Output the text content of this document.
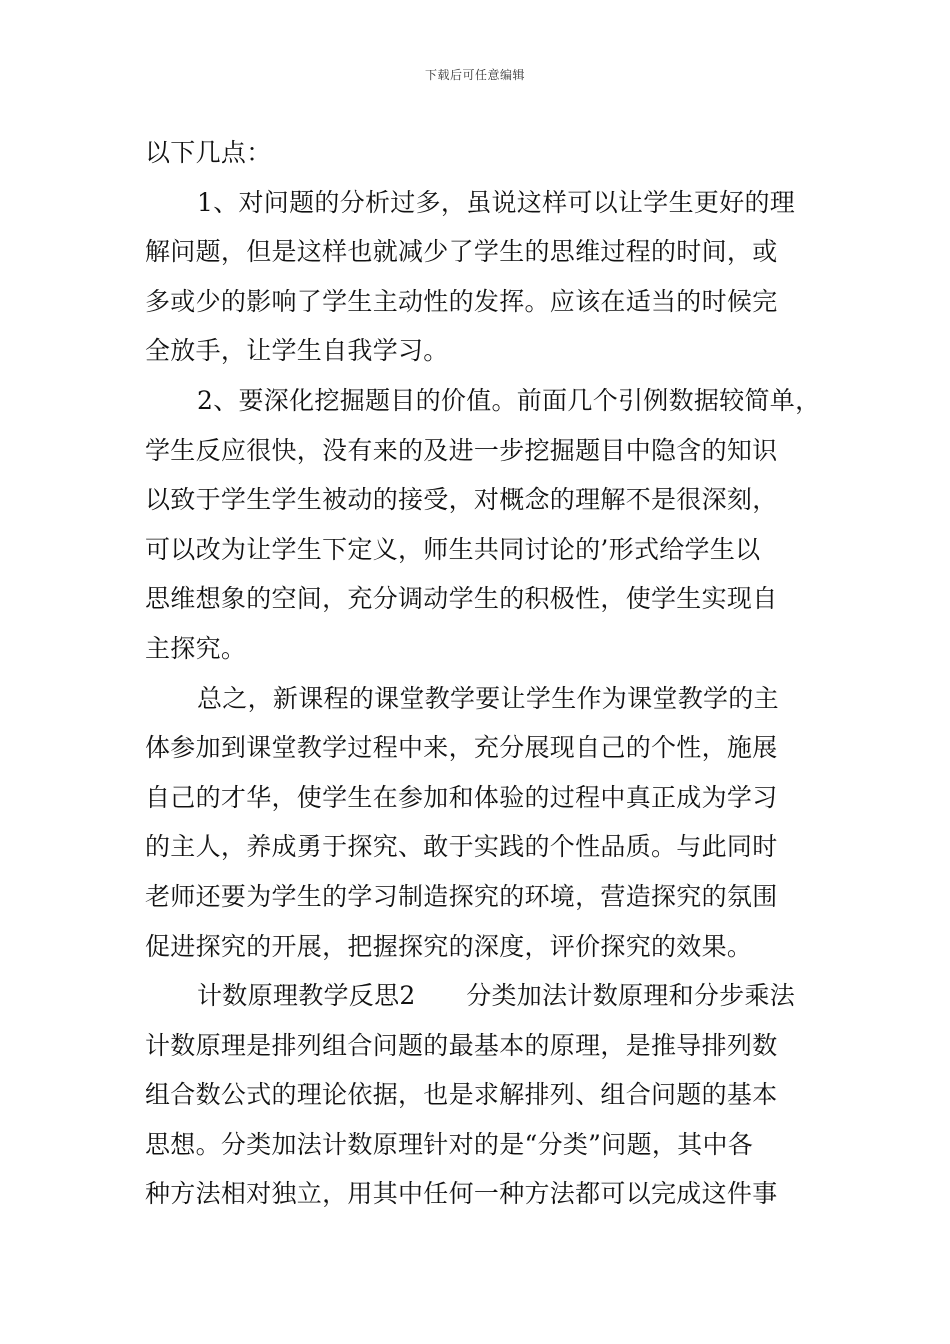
下载后可任意编辑
以下几点：
1、对问题的分析过多，虽说这样可以让学生更好的理
解问题，但是这样也就减少了学生的思维过程的时间，或
多或少的影响了学生主动性的发挥。应该在适当的时候完
全放手，让学生自我学习。
2、要深化挖掘题目的价值。前面几个引例数据较简单，
学生反应很快，没有来的及进一步挖掘题目中隐含的知识
以致于学生学生被动的接受，对概念的理解不是很深刻，
可以改为让学生下定义，师生共同讨论的’形式给学生以
思维想象的空间，充分调动学生的积极性，使学生实现自
主探究。
总之，新课程的课堂教学要让学生作为课堂教学的主
体参加到课堂教学过程中来，充分展现自己的个性，施展
自己的才华，使学生在参加和体验的过程中真正成为学习
的主人，养成勇于探究、敢于实践的个性品质。与此同时
老师还要为学生的学习制造探究的环境，营造探究的氛围
促进探究的开展，把握探究的深度，评价探究的效果。
计数原理教学反思2　　分类加法计数原理和分步乘法
计数原理是排列组合问题的最基本的原理，是推导排列数
组合数公式的理论依据，也是求解排列、组合问题的基本
思想。分类加法计数原理针对的是“分类”问题，其中各
种方法相对独立，用其中任何一种方法都可以完成这件事
